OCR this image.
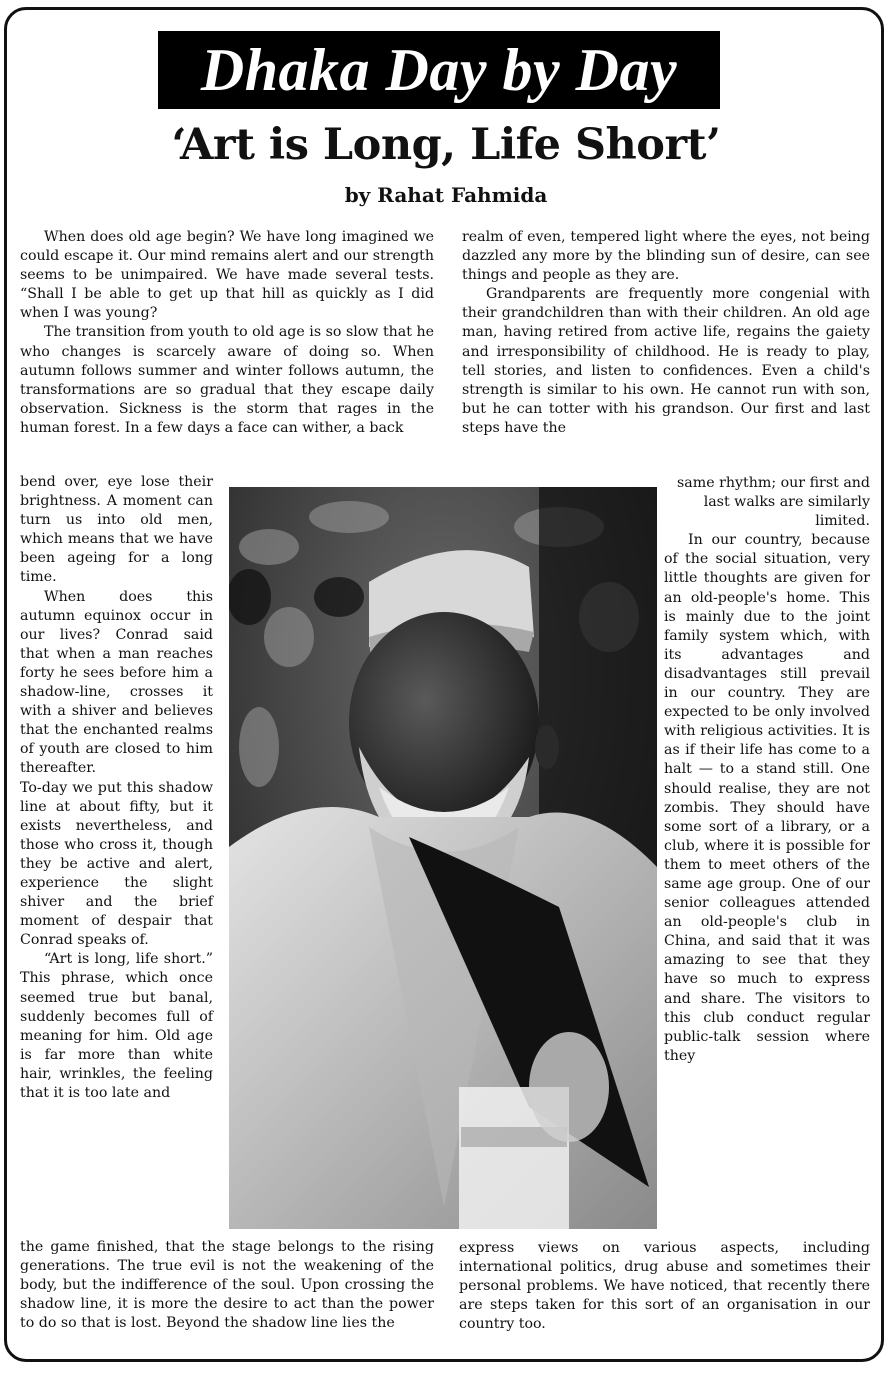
Dhaka Day by Day
‘Art is Long, Life Short’
by Rahat Fahmida

When does old age begin? We have long imagined we could escape it. Our mind remains alert and our strength seems to be unimpaired. We have made several tests. “Shall I be able to get up that hill as quickly as I did when I was young?

The transition from youth to old age is so slow that he who changes is scarcely aware of doing so. When autumn follows summer and winter follows autumn, the transformations are so gradual that they escape daily observation. Sickness is the storm that rages in the human forest. In a few days a face can wither, a back

bend over, eye lose their brightness. A moment can turn us into old men, which means that we have been ageing for a long time.

When does this autumn equinox occur in our lives? Conrad said that when a man reaches forty he sees before him a shadow-line, crosses it with a shiver and believes that the enchanted realms of youth are closed to him thereafter.

To-day we put this shadow line at about fifty, but it exists nevertheless, and those who cross it, though they be active and alert, experience the slight shiver and the brief moment of despair that Conrad speaks of.

“Art is long, life short.” This phrase, which once seemed true but banal, suddenly becomes full of meaning for him. Old age is far more than white hair, wrinkles, the feeling that it is too late and

the game finished, that the stage belongs to the rising generations. The true evil is not the weakening of the body, but the indifference of the soul. Upon crossing the shadow line, it is more the desire to act than the power to do so that is lost. Beyond the shadow line lies the

realm of even, tempered light where the eyes, not being dazzled any more by the blinding sun of desire, can see things and people as they are.

Grandparents are frequently more congenial with their grandchildren than with their children. An old age man, having retired from active life, regains the gaiety and irresponsibility of childhood. He is ready to play, tell stories, and listen to confidences. Even a child's strength is similar to his own. He cannot run with son, but he can totter with his grandson. Our first and last steps have the

same rhythm; our first and last walks are similarly limited.

In our country, because of the social situation, very little thoughts are given for an old-people's home. This is mainly due to the joint family system which, with its advantages and disadvantages still prevail in our country. They are expected to be only involved with religious activities. It is as if their life has come to a halt — to a stand still. One should realise, they are not zombis. They should have some sort of a library, or a club, where it is possible for them to meet others of the same age group. One of our senior colleagues attended an old-people's club in China, and said that it was amazing to see that they have so much to express and share. The visitors to this club conduct regular public-talk session where they

express views on various aspects, including international politics, drug abuse and sometimes their personal problems. We have noticed, that recently there are steps taken for this sort of an organisation in our country too.
